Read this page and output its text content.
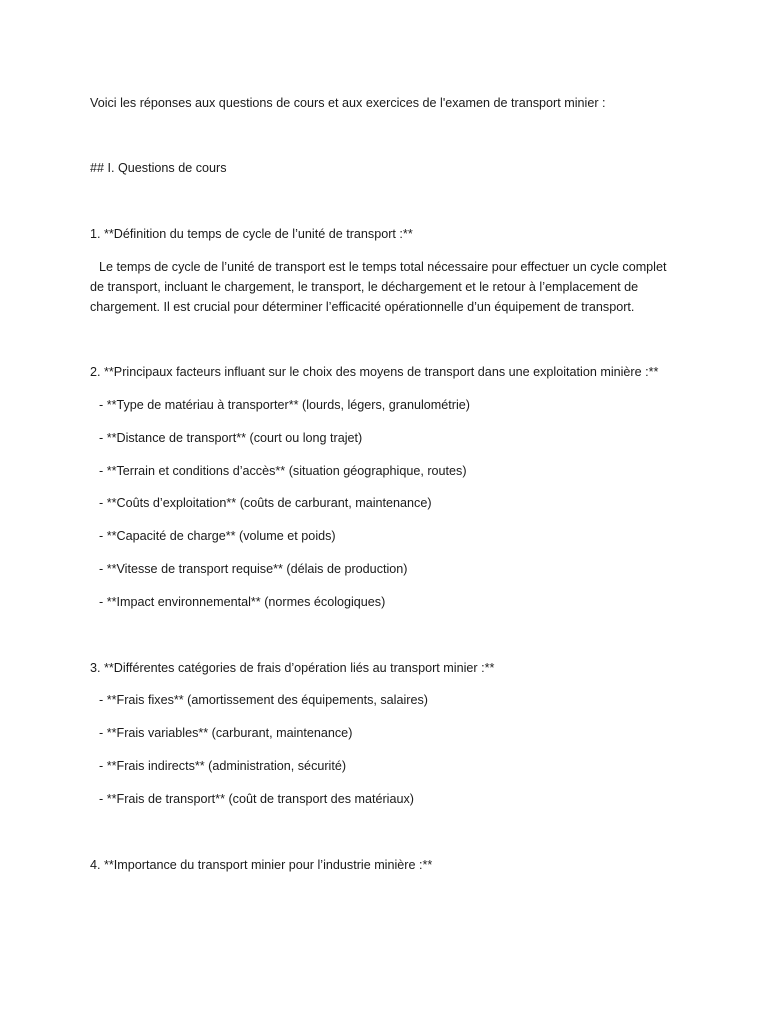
Voici les réponses aux questions de cours et aux exercices de l'examen de transport minier :
## I. Questions de cours
1. **Définition du temps de cycle de l’unité de transport :**
Le temps de cycle de l’unité de transport est le temps total nécessaire pour effectuer un cycle complet
de transport, incluant le chargement, le transport, le déchargement et le retour à l’emplacement de
chargement. Il est crucial pour déterminer l’efficacité opérationnelle d’un équipement de transport.
2. **Principaux facteurs influant sur le choix des moyens de transport dans une exploitation minière :**
- **Type de matériau à transporter** (lourds, légers, granulométrie)
- **Distance de transport** (court ou long trajet)
- **Terrain et conditions d’accès** (situation géographique, routes)
- **Coûts d’exploitation** (coûts de carburant, maintenance)
- **Capacité de charge** (volume et poids)
- **Vitesse de transport requise** (délais de production)
- **Impact environnemental** (normes écologiques)
3. **Différentes catégories de frais d’opération liés au transport minier :**
- **Frais fixes** (amortissement des équipements, salaires)
- **Frais variables** (carburant, maintenance)
- **Frais indirects** (administration, sécurité)
- **Frais de transport** (coût de transport des matériaux)
4. **Importance du transport minier pour l’industrie minière :**
